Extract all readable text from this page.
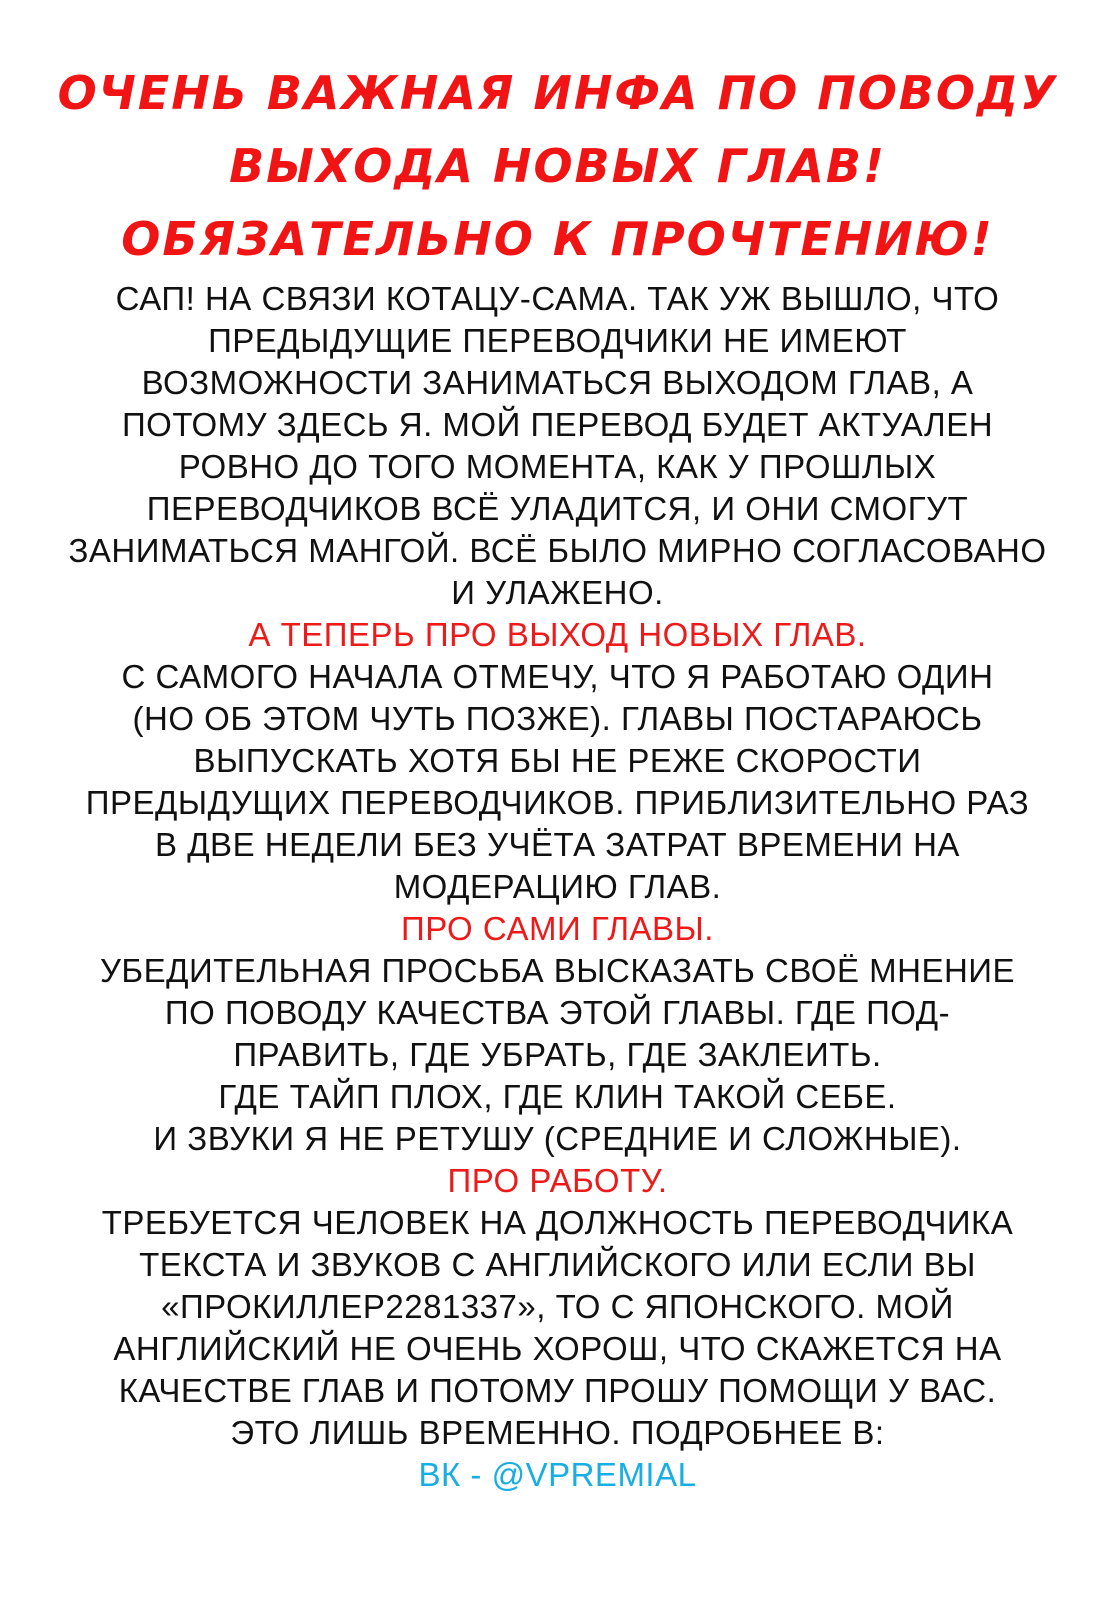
ОЧЕНЬ ВАЖНАЯ ИНФА ПО ПОВОДУ
ВЫХОДА НОВЫХ ГЛАВ!
ОБЯЗАТЕЛЬНО К ПРОЧТЕНИЮ!
САП! НА СВЯЗИ КОТАЦУ-САМА. ТАК УЖ ВЫШЛО, ЧТО
ПРЕДЫДУЩИЕ ПЕРЕВОДЧИКИ НЕ ИМЕЮТ
ВОЗМОЖНОСТИ ЗАНИМАТЬСЯ ВЫХОДОМ ГЛАВ, А
ПОТОМУ ЗДЕСЬ Я. МОЙ ПЕРЕВОД БУДЕТ АКТУАЛЕН
РОВНО ДО ТОГО МОМЕНТА, КАК У ПРОШЛЫХ
ПЕРЕВОДЧИКОВ ВСЁ УЛАДИТСЯ, И ОНИ СМОГУТ
ЗАНИМАТЬСЯ МАНГОЙ. ВСЁ БЫЛО МИРНО СОГЛАСОВАНО
И УЛАЖЕНО.
А ТЕПЕРЬ ПРО ВЫХОД НОВЫХ ГЛАВ.
С САМОГО НАЧАЛА ОТМЕЧУ, ЧТО Я РАБОТАЮ ОДИН
(НО ОБ ЭТОМ ЧУТЬ ПОЗЖЕ). ГЛАВЫ ПОСТАРАЮСЬ
ВЫПУСКАТЬ ХОТЯ БЫ НЕ РЕЖЕ СКОРОСТИ
ПРЕДЫДУЩИХ ПЕРЕВОДЧИКОВ. ПРИБЛИЗИТЕЛЬНО РАЗ
В ДВЕ НЕДЕЛИ БЕЗ УЧЁТА ЗАТРАТ ВРЕМЕНИ НА
МОДЕРАЦИЮ ГЛАВ.
ПРО САМИ ГЛАВЫ.
УБЕДИТЕЛЬНАЯ ПРОСЬБА ВЫСКАЗАТЬ СВОЁ МНЕНИЕ
ПО ПОВОДУ КАЧЕСТВА ЭТОЙ ГЛАВЫ. ГДЕ ПОД-
ПРАВИТЬ, ГДЕ УБРАТЬ, ГДЕ ЗАКЛЕИТЬ.
ГДЕ ТАЙП ПЛОХ, ГДЕ КЛИН ТАКОЙ СЕБЕ.
И ЗВУКИ Я НЕ РЕТУШУ (СРЕДНИЕ И СЛОЖНЫЕ).
ПРО РАБОТУ.
ТРЕБУЕТСЯ ЧЕЛОВЕК НА ДОЛЖНОСТЬ ПЕРЕВОДЧИКА
ТЕКСТА И ЗВУКОВ С АНГЛИЙСКОГО ИЛИ ЕСЛИ ВЫ
«ПРОКИЛЛЕР2281337», ТО С ЯПОНСКОГО. МОЙ
АНГЛИЙСКИЙ НЕ ОЧЕНЬ ХОРОШ, ЧТО СКАЖЕТСЯ НА
КАЧЕСТВЕ ГЛАВ И ПОТОМУ ПРОШУ ПОМОЩИ У ВАС.
ЭТО ЛИШЬ ВРЕМЕННО. ПОДРОБНЕЕ В:
ВК - @VPREMIAL
